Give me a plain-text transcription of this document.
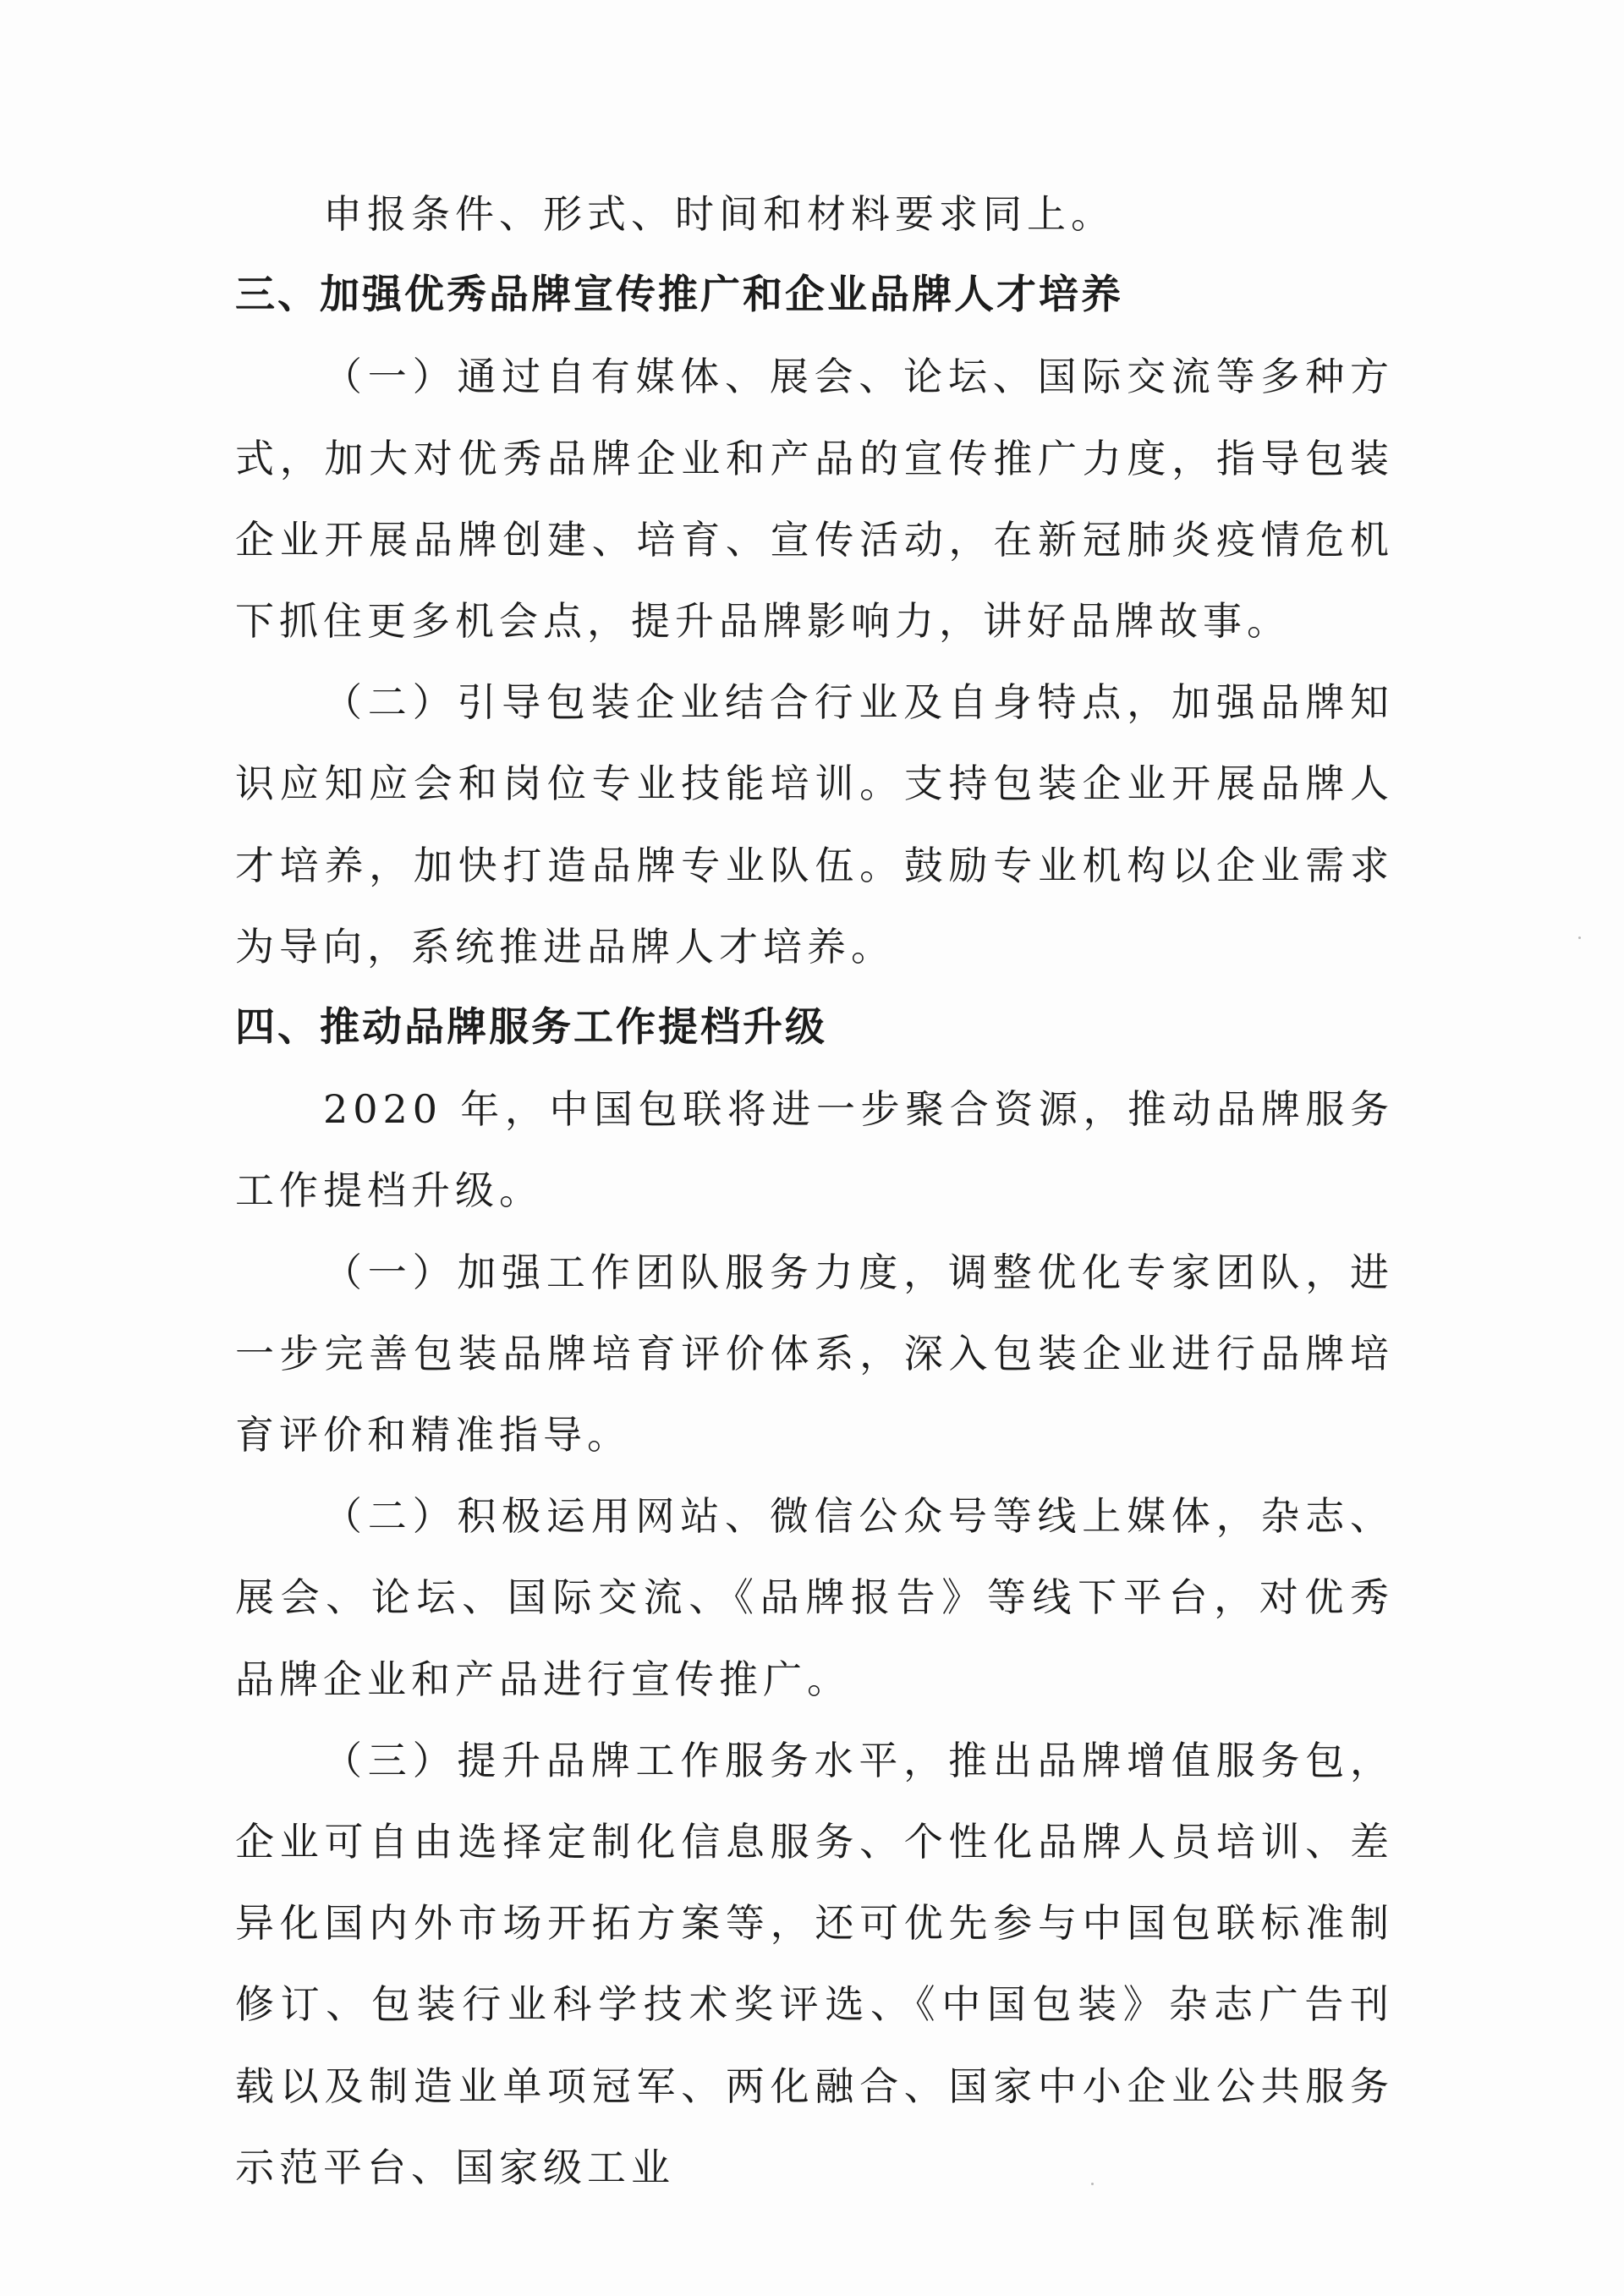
申报条件、形式、时间和材料要求同上。

三、加强优秀品牌宣传推广和企业品牌人才培养

（一）通过自有媒体、展会、论坛、国际交流等多种方式，加大对优秀品牌企业和产品的宣传推广力度，指导包装企业开展品牌创建、培育、宣传活动，在新冠肺炎疫情危机下抓住更多机会点，提升品牌影响力，讲好品牌故事。

（二）引导包装企业结合行业及自身特点，加强品牌知识应知应会和岗位专业技能培训。支持包装企业开展品牌人才培养，加快打造品牌专业队伍。鼓励专业机构以企业需求为导向，系统推进品牌人才培养。

四、推动品牌服务工作提档升级

2020 年，中国包联将进一步聚合资源，推动品牌服务工作提档升级。

（一）加强工作团队服务力度，调整优化专家团队，进一步完善包装品牌培育评价体系，深入包装企业进行品牌培育评价和精准指导。

（二）积极运用网站、微信公众号等线上媒体，杂志、展会、论坛、国际交流、《品牌报告》等线下平台，对优秀品牌企业和产品进行宣传推广。

（三）提升品牌工作服务水平，推出品牌增值服务包，企业可自由选择定制化信息服务、个性化品牌人员培训、差异化国内外市场开拓方案等，还可优先参与中国包联标准制修订、包装行业科学技术奖评选、《中国包装》杂志广告刊载以及制造业单项冠军、两化融合、国家中小企业公共服务示范平台、国家级工业
